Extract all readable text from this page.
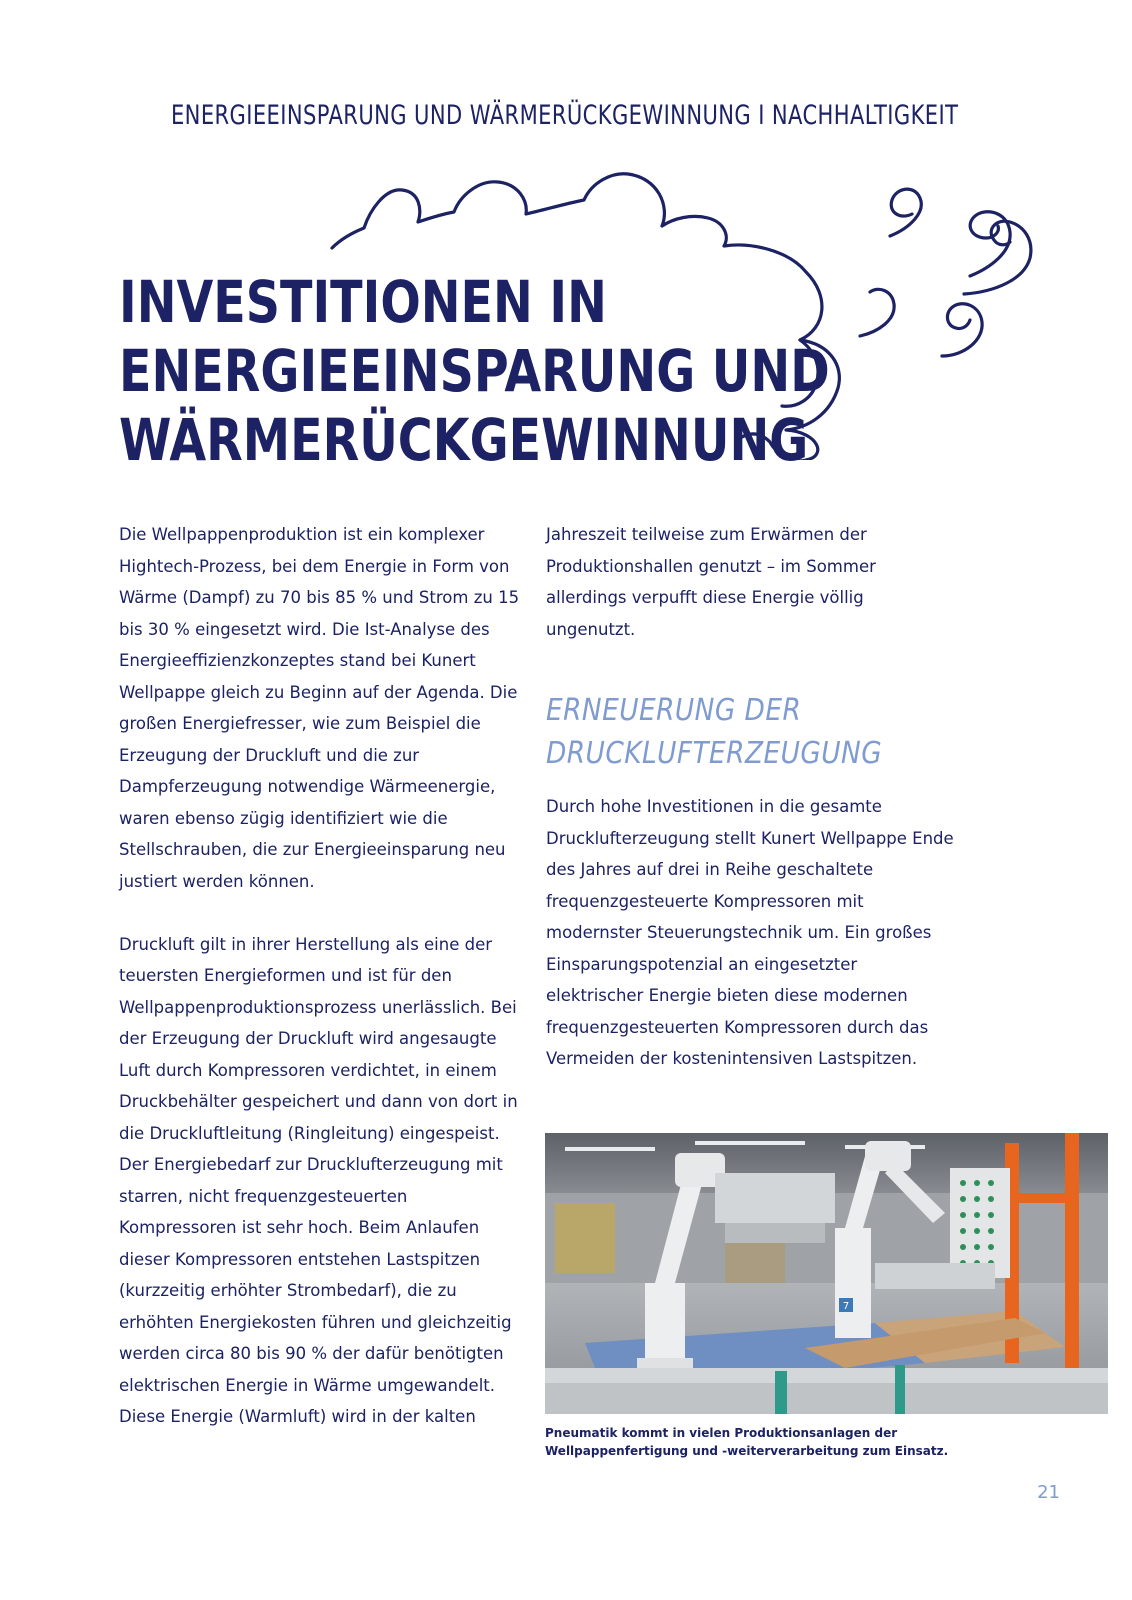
ENERGIEEINSPARUNG UND WÄRMERÜCKGEWINNUNG I NACHHALTIGKEIT
INVESTITIONEN IN
ENERGIEEINSPARUNG UND
WÄRMERÜCKGEWINNUNG

Die Wellpappenproduktion ist ein komplexer Hightech-Prozess, bei dem Energie in Form von Wärme (Dampf) zu 70 bis 85 % und Strom zu 15 bis 30 % eingesetzt wird. Die Ist-Analyse des Energieeffizienzkonzeptes stand bei Kunert Wellpappe gleich zu Beginn auf der Agenda. Die großen Energiefresser, wie zum Beispiel die Erzeugung der Druckluft und die zur Dampferzeugung notwendige Wärmeenergie, waren ebenso zügig identifiziert wie die Stellschrauben, die zur Energieeinsparung neu justiert werden können.

Druckluft gilt in ihrer Herstellung als eine der teuersten Energieformen und ist für den Wellpappenproduktionsprozess unerlässlich. Bei der Erzeugung der Druckluft wird angesaugte Luft durch Kompressoren verdichtet, in einem Druckbehälter gespeichert und dann von dort in die Druckluftleitung (Ringleitung) eingespeist. Der Energiebedarf zur Drucklufterzeugung mit starren, nicht frequenzgesteuerten Kompressoren ist sehr hoch. Beim Anlaufen dieser Kompressoren entstehen Lastspitzen (kurzzeitig erhöhter Strombedarf), die zu erhöhten Energiekosten führen und gleichzeitig werden circa 80 bis 90 % der dafür benötigten elektrischen Energie in Wärme umgewandelt. Diese Energie (Warmluft) wird in der kalten

Jahreszeit teilweise zum Erwärmen der Produktionshallen genutzt – im Sommer allerdings verpufft diese Energie völlig ungenutzt.

ERNEUERUNG DER
DRUCKLUFTERZEUGUNG

Durch hohe Investitionen in die gesamte Drucklufterzeugung stellt Kunert Wellpappe Ende des Jahres auf drei in Reihe geschaltete frequenzgesteuerte Kompressoren mit modernster Steuerungstechnik um. Ein großes Einsparungspotenzial an eingesetzter elektrischer Energie bieten diese modernen frequenzgesteuerten Kompressoren durch das Vermeiden der kostenintensiven Lastspitzen.

7

Pneumatik kommt in vielen Produktionsanlagen der
Wellpappenfertigung und -weiterverarbeitung zum Einsatz.

21
